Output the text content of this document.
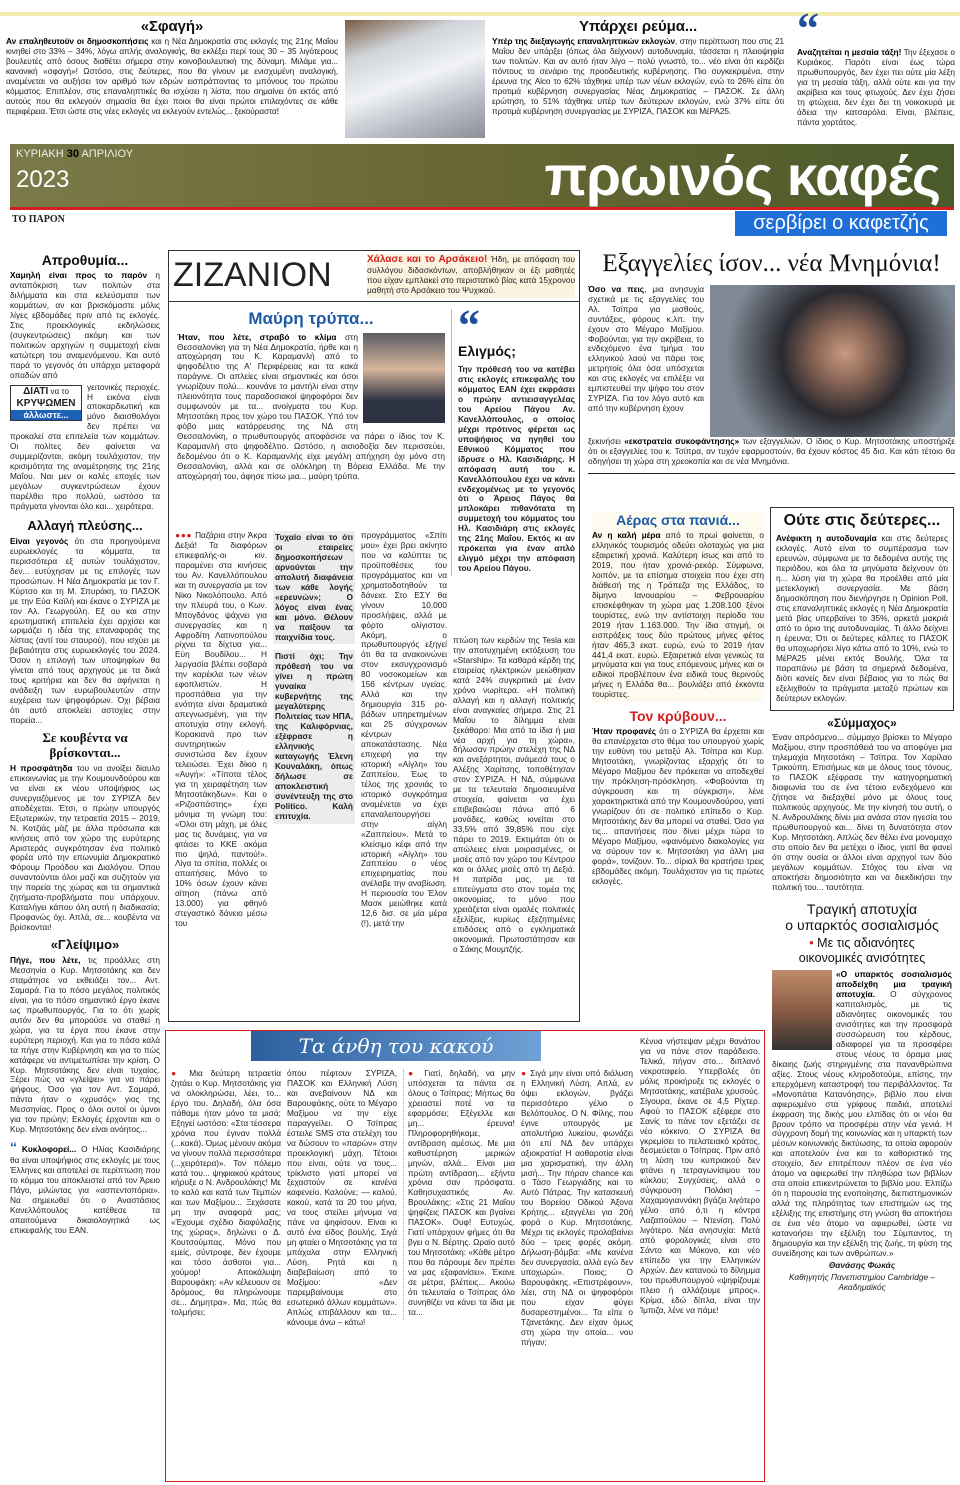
«Σφαγή»

Αν επαληθευτούν οι δημοσκοπήσεις και η Νέα Δημοκρατία στις εκλογές της 21ης Μαΐου κινηθεί στο 33% – 34%, λόγω απλής αναλογικής, θα εκλέξει περί τους 30 – 35 λιγότερους βουλευτές από όσους διαθέτει σήμερα στην κοινοβουλευτική της δύναμη. Μιλάμε για... κανονική «σφαγή»! Ωστόσο, στις δεύτερες, που θα γίνουν με ενισχυμένη αναλογική, αναμένεται να αυξήσει τον αριθμό των εδρών εισπράττοντας το μπόνους του πρώτου κόμματος. Επιπλέον, στις επαναληπτικές θα ισχύσει η λίστα, που σημαίνει ότι εκτός από αυτούς που θα εκλεγούν σημασία θα έχει ποιοι θα είναι πρώτοι επιλαχόντες σε κάθε περιφέρεια. Έτσι ώστε στις νέες εκλογές να εκλεγούν εντελώς... ξεκούραστα!

Υπάρχει ρεύμα...

Υπέρ της διεξαγωγής επαναληπτικών εκλογών, στην περίπτωση που στις 21 Μαΐου δεν υπάρξει (όπως όλα δείχνουν) αυτοδυναμία, τάσσεται η πλειοψηφία των πολιτών. Και αν αυτό ήταν λίγο – πολύ γνωστό, το... νέο είναι ότι κερδίζει πόντους το σενάριο της προοδευτικής κυβέρνησης. Πιο συγκεκριμένα, στην έρευνα της Alco το 62% τάχθηκε υπέρ των νέων εκλογών, ενώ το 26% είπε ότι προτιμά κυβέρνηση συνεργασίας Νέας Δημοκρατίας – ΠΑΣΟΚ. Σε άλλη ερώτηση, το 51% τάχθηκε υπέρ των δεύτερων εκλογών, ενώ 37% είπε ότι προτιμά κυβέρνηση συνεργασίας με ΣΥΡΙΖΑ, ΠΑΣΟΚ και ΜέΡΑ25.

“

Αναζητείται η μεσαία τάξη! Την έξεχασε ο Κυριάκος. Παρότι είναι έως τώρα πρωθυπουργός, δεν έχει πει ούτε μία λέξη για τη μεσαία τάξη, αλλά ούτε και για την ακρίβεια και τους φτωχούς. Δεν έχει ζήσει τη φτώχεια, δεν έχει δει τη νοικοκυρά με άδεια την κατσαρόλα. Είναι, βλέπεις, πάντα χορτάτος.

ΚΥΡΙΑΚΗ 30 ΑΠΡΙΛΙΟΥ
2023	πρωινός καφές
ΤΟ ΠΑΡΟΝ	σερβίρει ο καφετζής
Απροθυμία...

Χαμηλή είναι προς το παρόν η ανταπόκριση των πολιτών στα διλήμματα και στα κελεύσματα των κομμάτων, αν και βρισκόμαστε μόλις λίγες εβδομάδες πριν από τις εκλογές. Στις προεκλογικές εκδηλώσεις (συγκεντρώσεις) ακόμη και των πολιτικών αρχηγών η συμμετοχή είναι κατώτερη του αναμενόμενου. Και αυτό παρά το γεγονός ότι υπάρχει μεταφορά οπαδών από

ΔΙΑΤΙ να το
ΚΡΥΨΩΜΕΝ
άλλωστε...

γειτονικές περιοχές. Η εικόνα είναι αποκαρδιωτική και μόνο διαισθολόγοι δεν πρέπει να προκαλεί στα επιτελεία των κομμάτων. Οι πολίτες δεν φαίνεται να συμμερίζονται, ακόμη τουλάχιστον, την κρισιμότητα της αναμέτρησης της 21ης Μαΐου. Ναι μεν οι καλές εποχές των μεγάλων συγκεντρώσεων έχουν παρέλθει προ πολλού, ωστόσο τα πράγματα γίνονται όλο και... χειρότερα.

Αλλαγή πλεύσης...

Είναι γεγονός ότι στα προηγούμενα ευρωεκλογές τα κόμματα, τα περισσότερα εξ αυτών τουλάχιστον, δεν... ευτύχησαν με τις επιλογές των προσώπων. Η Νέα Δημοκρατία με τον Γ. Κύρτσο και τη Μ. Σπυράκη, το ΠΑΣΟΚ με την Εύα Καϊλή και έκανε ο ΣΥΡΙΖΑ με τον Αλ. Γεωργούλη. Εξ ου και στην ερωτηματική επιτελεία έχει αρχίσει και ωριμάζει η ιδέα της επαναφοράς της λίστας (αντί του σταυρού), που ισχύει με βεβαιότητα στις ευρωεκλογές του 2024. Όσον η επιλογή των υποψηφίων θα γίνεται από τους αρχηγούς με τα δικά τους κριτήρια και δεν θα αφήνεται η ανάδειξη των ευρωβουλευτών στην ευχέρεια των ψηφοφόρων. Όχι βέβαια ότι αυτό αποκλείει αστοχίες στην πορεία...

Σε κουβέντα να βρίσκονται...

Η προσφάτηδα του να ανοίξει δίαυλο επικοινωνίας με την Κουμουνδούρου και να είναι εκ νέου υποψήφιος ως συνεργαζόμενος με τον ΣΥΡΙΖΑ δεν αποδέχεται. Έτσι, ο πρώην υπουργός Εξωτερικών, την τετραετία 2015 – 2019, Ν. Κοτζιάς μάζ με άλλα πρόσωπα και κινήσεις από τον χώρο της ευρύτερης Αριστεράς συγκρότησαν ένα πολιτικό φορέα υπό την επωνυμία Δημοκρατικό Φόρουμ Προόδου και Διαλόγου. Όπου συναντούνται όλοι μαζί και συζητούν για την πορεία της χώρας και τα σημαντικά ζητήματα-προβλήματα που υπάρχουν. Καταλήγει κάπου όλη αυτή η διαδικασία; Προφανώς όχι. Απλά, σε... κουβέντα να βρίσκονται!

«Γλείψιμο»

Πήγε, που λέτε, τις προάλλες στη Μεσσηνία ο Κυρ. Μητσοτάκης και δεν σταμάτησε να εκθειάζει τον... Αντ. Σαμαρά. Για το πόσο μεγάλος πολιτικός είναι, για το πόσο σημαντικό έργο έκανε ως πρωθυπουργός. Για το ότι χωρίς αυτόν δεν θα μπορούσε να σταθεί η χώρα, για τα έργα που έκανε στην ευρύτερη περιοχή. Και για το πόσο καλά τα πήγε στην Κυβέρνηση και για το πώς κατάφερε να αντιμετωπίσει την κρίση. Ο Κυρ. Μητσοτάκης δεν είναι τυχαίος. Ξέρει πώς να «γλείψει» για να πάρει ψήφους. Όσο για τον Αντ. Σαμαρά, πάντα ήταν ο «χρυσός» γιος της Μεσσηνίας. Προς ο όλοι αυτοί οι ύμνοι για τον πρώην; Εκλογές έρχονται και ο Κυρ. Μητσοτάκης δεν είναι ανόητος...

“ Κυκλοφορεί... Ο Ηλίας Κασιδιάρης θα είναι υποψήφιος στις εκλογές με τους Έλληνες και αποτελεί σε περίπτωση που το κόμμα του αποκλειστεί από τον Άρειο Πάγο, μιλώντας για «ασπεντοπόρια». Να σημειωθεί ότι ο Αναστάσιος Κανελλόπουλος κατέθεσε τα απαιτούμενα δικαιολογητικά ως επικεφαλής του ΕΑΝ.

ΖΙΖΑΝΙΟΝ	Χάλασε και το Αρσάκειο! Ήδη, με απόφαση του συλλόγου διδασκόντων, αποβλήθηκαν οι έξι μαθητές που είχαν εμπλακεί στο περιστατικό βίας κατά 15χρονου μαθητή στο Αρσάκειο του Ψυχικού.

Μαύρη τρύπα...

Ήταν, που λέτε, στραβό το κλίμα στη Θεσσαλονίκη για τη Νέα Δημοκρατία, ήρθε και η αποχώρηση του Κ. Καραμανλή από το ψηφοδέλτιο της Α' Περιφέρειας και τα κακά παράγινε. Οι απλείες είναι σημαντικές και όσοι γνωρίζουν πολύ... κουνάνε το μαντήλι είναι στην πλειονότητα τους παραδοσιακοί ψηφοφόροι δεν συμφωνούν με τα... ανοίγματα του Κυρ. Μητσοτάκη προς τον χώρο του ΠΑΣΟΚ. Υπό τον φόβο μιας κατάρρευσης της ΝΔ στη Θεσσαλονίκη, ο πρωθυπουργός αποφάσισε να πάρει ο ίδιος τον Κ. Καραμανλή στο ψηφοδέλτιο. Ωστόσο, η αισιοδοξία δεν περισσεύει, δεδομένου ότι ο Κ. Καραμανλής είχε μεγάλη απήχηση όχι μόνο στη Θεσσαλονίκη, αλλά και σε ολόκληρη τη Βόρεια Ελλάδα. Με την αποχώρησή του, άφησε πίσω μια... μαύρη τρύπα.

“
Ελιγμός;

Την πρόθεσή του να κατέβει στις εκλογές επικεφαλής του κόμματος ΕΑΝ έχει εκφράσει ο πρώην αντιεισαγγελέας του Αρείου Πάγου Αν. Κανελλόπουλος, ο οποίος μέχρι πρότινος φέρεται ως υποψήφιος να ηγηθεί του Εθνικού Κόμματος που ίδρυσε ο Ηλ. Κασιδιάρης. Η απόφαση αυτή του κ. Κανελλόπουλου έχει να κάνει ενδεχομένως με το γεγονός ότι ο Άρειος Πάγος θα μπλοκάρει πιθανότατα τη συμμετοχή του κόμματος του Ηλ. Κασιδιάρη στις εκλογές της 21ης Μαΐου. Εκτός κι αν πρόκειται για έναν απλό ελιγμό μέχρι την απόφαση του Αρείου Πάγου.

●●● Παζάρια στην Άκρα Δεξιά! Τα διαφόρων επικεφαλής-οι κιν. παραμένει στα κινήσεις του Αν. Κανελλόπουλου και τη συνεργασία με τον Νίκο Νικολόπουλο. Από την πλευρά του, ο Κων. Μπογδάνος ψάχνει για συνεργασίες και η Αφροδίτη Λατινοπούλου ρίχνει τα δίχτυα για... Εύη Βουδίλου... Η λεργασία βλέπει σοβαρά την καρέκλα των νέων εφοπλιστών. Η προσπάθεια για την ενότητα είναι δραματικά απεγνωσμένη, για την αποτυχία στην εκλογή. Κορακιανά προ των συντηρητικών συνιστώσα δεν έχουν τελειώσει. Έχει δίκιο η «Αυγή»: «Τίποτα τέλος για τη χειραφέτηση των Μητσοτάκηδων». Και ο «Ριζοσπάστης» έχει μόνιμα τη γνώμη του: «Όλοι στη μάχη, με όλες μας τις δυνάμεις, για να φτάσει το ΚΚΕ ακόμα πιο ψηλά, παντού!». Λίγα τα σπίτια, πολλές οι απαιτήσεις. Μόνο το 10% όσων έχουν κάνει αίτηση (πάνω από 13.000) για φθηνό στεγαστικό δάνειο μέσω του

Τυχαίο είναι το ότι οι εταιρείες δημοσκοπήσεων αρνούνται την απολυτή διαφάνεια των κάθε λογής «ερευνών»; Ο λόγος είναι ένας και μόνο. Θέλουν να παίξουν τα παιχνίδια τους.

Πιστί όχι; Την πρόθεσή του να γίνει η πρώτη γυναίκα κυβερνήτης της μεγαλύτερης Πολιτείας των ΗΠΑ, της Καλιφόρνιας, εξέφρασε η ελληνικής καταγωγής Έλενη Κουναλάκη, όπως δήλωσε σε αποκλειστική συνέντευξη της στο Politico. Καλή επιτυχία.

προγράμματος «Σπίτι μου» έχει βρει ακίνητο που να καλύπτει τις προϋποθέσεις του προγράμματος και να χρηματοδοτηθούν τα δάνεια. Στο ΕΣΥ θα γίνουν 10.000 προσλήψεις, αλλά με φόρτο ολίγιστον. Ακόμη, ο πρωθυπουργός εξηγεί ότι θα τα ανακοινώνει στον εκσυγχρονισμό 80 νοσοκομείων και 156 κέντρων υγείας. Αλλά και την δημιουργία 315 ρο-βάδων υπηρετημένων και 25 σύγχρονων κέντρων αποκατάστασης. Νέα επιχειρή για την ιστορική «Αίγλη» του Ζαππείου. Έως το τέλος της χρονιάς το ιστορικό συγκρότημα αναμένεται να έχει επαναλειτουργήσει στην αίγλη «Ζαππείου». Μετά το κλείσιμο κέφι από την ιστορική «Αίγλη» του Ζαππείου ο νέος επιχειρηματίας που ανέλαβε την αναβίωση. Η περιουσία του Έλον Μασκ μειώθηκε κατά 12,6 δισ. σε μία μέρα (!), μετά την

πτώση των κερδών της Tesla και την αποτυχημένη εκτόξευση του «Starship». Τα καθαρά κέρδη της εταιρείας ηλεκτρικών μειώθηκαν κατά 24% συγκριτικά με έναν χρόνο νωρίτερα. «Η πολιτική αλλαγή και η αλλαγή πολιτικής είναι αναγκαίες σήμερα. Στις 21 Μαΐου το δίλημμα είναι ξεκάθαρο: Μια από τα ίδια ή μια νέα αρχή για τη χώρα», δήλωσαν πρώην στελέχη της ΝΔ και ανεξάρτητοι, ανάμεσά τους ο Αλέξης Χαρίτσης, τοποθέτησαν στον ΣΥΡΙΖΑ. Η ΝΔ, σύμφωνα με τα τελευταία δημοσιευμένα στοιχεία, φαίνεται να έχει επιβεβαιώσει πάνω από 6 μονάδες, καθώς κινείται στο 33,5% από 39,85% που είχε πάρει το 2019. Εκτιμάται ότι οι απώλειες είναι μοιρασμένες, οι μισές από τον χώρο του Κέντρου και οι άλλες μισές από τη Δεξιά. Η πατρίδα μας, με τα επιτεύγματα στο στον τομέα της οικονομίας, το μόνο που χρειάζεται είναι ομαλές πολιτικές εξελίξεις, κυρίως εξεζητημένες επιδόσεις από ο εγκληματικά οικονομικά. Πρωτοστάτησαν και ο Σάκης Μουμτζής.

Εξαγγελίες ίσον... νέα Μνημόνια!

Όσο να πεις, μια ανησυχία σχετικά με τις εξαγγελίες του Αλ. Τσίπρα για μισθούς, συντάξεις, φόρους κ.λπ. την έχουν στο Μέγαρο Μαξίμου. Φοβούνται, για την ακρίβεια, το ενδεχόμενο ένα τμήμα του ελληνικού λαού να πάρει τοις μετρητοίς όλα όσα υπόσχεται και στις εκλογές να επιλέξει να εμπιστευθεί την ψήφο του στον ΣΥΡΙΖΑ. Για τον λόγο αυτό και από την κυβέρνηση έχουν

ξεκινήσει «εκστρατεία συκοφάντησης» των εξαγγελιών. Ο ίδιος ο Κυρ. Μητσοτάκης υποστήριξε ότι οι εξαγγελίες του κ. Τσίπρα, αν τυχόν εφαρμοστούν, θα έχουν κόστος 45 δισ. Και κάτι τέτοιο θα οδηγήσει τη χώρα στη χρεοκοπία και σε νέα Μνημόνια.

Αέρας στα πανιά...

Αν η καλή μέρα από το πρωί φαίνεται, ο ελληνικός τουρισμός οδεύει ολοταχώς για μια εξαιρετική χρονιά. Καλύτερη ίσως και από το 2019, που ήταν χρονιά-ρεκόρ. Σύμφωνα, λοιπόν, με τα επίσημα στοιχεία που έχει στη διάθεσή της η Τράπεζα της Ελλάδος, το δίμηνο Ιανουαρίου – Φεβρουαρίου επισκέφθηκαν τη χώρα μας 1.208.100 ξένοι τουρίστες, ενώ την αντίστοιχη περίοδο του 2019 ήταν 1.163.000. Την ίδια στιγμή, οι εισπράξεις τους δύο πρώτους μήνες φέτος ήταν 465,3 εκατ. ευρώ, ενώ το 2019 ήταν 441,4 εκατ. ευρώ. Εξαιρετικά είναι γενικώς τα μηνύματα και για τους επόμενους μήνες και οι ειδικοί προβλέπουν ένα ειδικά τους θερινούς μήνες η Ελλάδα θα... βουλιάξει από έκκοντα τουρίστες.

Τον κρύβουν...

Ήταν προφανές ότι ο ΣΥΡΙΖΑ θα έρχεται και θα επανέρχεται στο θέμα του υπουργού χωρίς την ευθύνη του μεταξύ Αλ. Τσίπρα και Κυρ. Μητσοτάκη, γνωρίζοντας εξαρχής ότι το Μέγαρο Μαξίμου δεν πρόκειται να αποδεχθεί την πρόκληση-πρόσκληση. «Φοβούνται τη σύγκρουση και τη σύγκριση», λένε χαρακτηριστικά από την Κουμουνδούρου, γιατί γνωρίζουν ότι σε πολιτικό επίπεδο ο Κυρ. Μητσοτάκης δεν θα μπορεί να σταθεί. Όσο για τις... απαντήσεις που δίνει μέχρι τώρα το Μέγαρο Μαξίμου, «φαινόμενο διακολογίες για να σύρουν τον κ. Μητσοτάκη για άλλη μια φορά», τονίζουν. Το... σίριαλ θα κρατήσει τρεις εβδομάδες ακόμη. Τουλάχιστον για τις πρώτες εκλογές.

Ούτε στις δεύτερες...

Ανέφικτη η αυτοδυναμία και στις δεύτερες εκλογές. Αυτό είναι το συμπέρασμα των ερευνών, σύμφωνα με τα δεδομένα αυτής της περιόδου, και όλα τα μηνύματα δείχνουν ότι η... λύση για τη χώρα θα προέλθει από μία μετεκλογική συνεργασία. Με βάση δημοσκόπηση που διενήργησε η Opinion Poll, στις επαναληπτικές εκλογές η Νέα Δημοκρατία μετά βίας υπερβαίνει το 35%, αρκετά μακριά από το όριο της αυτοδυναμίας. Τι άλλο δείχνει η έρευνα; Ότι οι δεύτερες κάλπες το ΠΑΣΟΚ θα υποχωρήσει λίγο κάτω από το 10%, ενώ το ΜέΡΑ25 μένει εκτός Βουλής. Όλα τα παραπάνω με βάση τα σημερινά δεδομένα, διότι κανείς δεν είναι βέβαιος για το πώς θα εξελιχθούν τα πράγματα μεταξύ πρώτων και δεύτερων εκλογών.

«Σύμμαχος»

Έναν απρόσμενο... σύμμαχο βρίσκει το Μέγαρο Μαξίμου, στην προσπάθειά του να αποφύγει μια τηλεμαχία Μητσοτάκη – Τσίπρα. Τον Χαρίλαο Τρικούπη. Επισήμως και με όλους τους τόνους, το ΠΑΣΟΚ εξέφρασε την κατηγορηματική διαφωνία του σε ένα τέτοιο ενδεχόμενο και ζήτησε να διεξαχθεί μόνο με όλους τους πολιτικούς αρχηγούς. Με την κίνησή του αυτή, ο Ν. Ανδρουλάκης δίνει μια ανάσα στον ηγεσία του πρωθυπουργού και... δίνει τη δυνατότητα στον Κυρ. Μητσοτάκη. Απλώς δεν θέλει ένα μονομαχο στο οποίο δεν θα μετέχει ο ίδιος, γιατί θα φανεί ότι στην ουσία οι άλλοι είναι αρχηγοί των δύο μεγάλων κομμάτων. Στόχος του είναι να αποκτήσει δημοσιότητα και να διεκδικήσει την πολιτική του... ταυτότητα.

Τραγική αποτυχία
ο υπαρκτός σοσιαλισμός
• Με τις αδιανόητες
οικονομικές ανισότητες

«Ο υπαρκτός σοσιαλισμός αποδείχθη μια τραγική αποτυχία. Ο σύγχρονος καπιταλισμός, με τις αδιανόητες οικονομικές του ανισότητες και την προσφορά συσσώρευση του κέρδους, αδιαφορεί για τα προσφέρει στους νέους το όραμα μιας δίκαιης ζωής στηριγμένης στα πανανθρώπινα αξίες. Στους νέους κληροδοτούμε, επίσης, την επερχόμενη καταστροφή του περιβάλλοντος. Τα «Μονοπάτια Κατανόησης», βιβλίο που είναι αφιερωμένο στα γρίφους παιδιά, αποτελεί έκφραση της δικής μου ελπίδας ότι οι νέοι θα βρουν τρόπο να προσφέρει στην νέα γενιά. Η σύγχρονη δομή της κοινωνίας και η υπαρκτή των μέσων κοινωνικής δικτύωσης, τα οποία αφορούν και αποτελούν ένα και το καθοριστικό της στοιχείο, δεν επιτρέπουν πλέον σε ένα νέο άτομο να αφιερωθεί την πληθώρα των βιβλίων στα οποία επικεντρώνεται το βιβλίο μου. Ελπίζω ότι η παρουσία της ενοποίησης, διεπιστημονικών αλλά της πληρότητας των επιστημών ως της εξέλιξης της επιστήμης στη γνώση θα αποκτήσει σε ένα νέο άτομο να αφιερωθεί, ώστε να κατανοήσει την εξέλιξη του Σύμπαντος, τη δημιουργία και την εξέλιξη της ζωής, τη φύση της συνείδησης και των ανθρώπων.»

Θανάσης Φωκάς

Καθηγητής Πανεπιστημίου Cambridge – Ακαδημαϊκός

Τα άνθη του κακού

● Μια δεύτερη τετραετία ζητάει ο Κυρ. Μητσοτάκης για να ολοκληρώσει, λέει, το... έργο του. Δηλαδή, όλα όσα πάθαμε ήταν μόνο τα μισά; Εξηγεί ωστόσο: «Στα τέσσερα χρόνια που έγιναν πολλά (...κακά). Όμως μένουν ακόμα να γίνουν πολλά περισσότερα (...χειρότερα)». Τον πόλεμο κατά του... ψηφιακού κράτους κήρυξε ο Ν. Ανδρουλάκης! Με το καλό και κατά των Τεμπών και των Μαξίμου... Ξεχάσατε μη την αναφορά μας; «Έχουμε σχέδιο διαφύλαξης της χώρας», δηλώνει ο Δ. Κουτσούμπας. Μόνο που εμείς, σύντροφε, δεν έχουμε και τόσο άσθοτοι για... χούμορ! Αποκάλυψη Βαρουφάκη: «Αν κέλευουν σε δρόμους, θα πληρώνουμε σε... Δημητρα». Μα, πώς θα τολμήσει;

όπου πέφτουν ΣΥΡΙΖΑ, ΠΑΣΟΚ και Ελληνική Λύση και ανεβαίνουν ΝΔ και Βαρουφάκης, ούτε το Μέγαρο Μαξίμου να την είχε παραγγείλει. Ο Τσίπρας έστειλε SMS στα στελέχη του να δώσουν το «παρών» στην προεκλογική μάχη. Τέτοιοι που είναι, ούτε να τους... τρίκλιστο γιατί μπορεί να ξεχαστούν σε κανένα καφενείο. Καλούνε; — καλού, κακού, κατά τα 20 του μήνα, να τους στείλει μήνυμα να πάνε να ψηφίσουν. Είναι κι αυτό ένα είδος βουλής. Σιγά μη φταίει ο Μητσοτάκης για τα μπάχαλα στην Ελληνική Λύση. Ρητά και η διαβεβαίωση από το Μαξίμου: «Δεν παρεμβαίνουμε στο εσωτερικό άλλων κομμάτων». Απλώς επιβάλλουν και τα... κάνουμε άνω – κάτω!

● Γιατί, δηλαδή, να μην υπόσχεται τα πάντα σε όλους ο Τσίπρας; Μήπως θα χρειαστεί ποτέ να τα εφαρμόσει; Εξέγελλε και μη... έρευνα! Πληροφορηθήκαμε, αντίδραση αμέσως. Με μια καθυστέρηση μερικών μηνών, αλλά... Είναι μια πρώτη αντίδραση... εξήντα χρόνια σαν πρόσφατα. Καθησυχαστικός Αν. Βρουλάκης: «Στις 21 Μαΐου ψηφίζεις ΠΑΣΟΚ και βγαίνει ΠΑΣΟΚ». Ουφ! Ευτυχώς. Γιατί υπάρχουν φήμες ότι θα βγει ο Ν. Βέρτης. Ωραίο αυτό του Μητσοτάκη: «Κάθε μέτρο που θα πάρουμε δεν πρέπει να μας εξαφανίσει». Έκανε σε μέτρα, βλέπεις... Ακούω ότι τελευταία ο Τσίπρας όλο συνηθίζει να κάνει τα ίδια με τα...

● Σιγά μην είναι υπό διάλυση η Ελληνική Λύση. Απλά, εν όψει εκλογών, βγάζει περισσότερο γέλιο ο Βελόπουλος. Ο Ν. Φίλης, που έγινε υπουργός με απολυτήριο λυκείου, φωνάζει ότι επί ΝΔ δεν υπάρχει αξιοκρατία! Η αοθαροτία είναι μια χαρισματική, την άλλη μισή... Την πήραν chance και ο Τάσο Γεωργιάδης και το Αυτό Πάτρας. Την κατασκευή του Βορείου Οδικού Άξονα Κρήτης... εξαγγέλει για 20ή φορά ο Κυρ. Μητσοτάκης. Μέχρι τις εκλογές προλαβαίνει δύο – τρεις φορές ακόμη. Δήλωση-βόμβα: «Με κανένα δεν συνεργασία, αλλά εγώ δεν υποχωρώ». Ποιος; Ο Βαρουφάκης. «Επιστρέφουν», λέει, στη ΝΔ οι ψηφοφόροι που είχαν φύγει δυσαρεστημένοι... Τα είπε ο Τζανετάκης. Δεν είχαν όμως στη χώρα την οποία... νου πήγαν;

Κένυα νήστεψαν μέχρι θανάτου για να πάνε στον παράδεισο. Τελικά, πήγαν στο... διπλανό νεκροταφείο. Υπερβολές ότι μόλις προκήρυξε τις εκλογές ο Μητσοτάκης, κατέβαλε χρυσούς. Σίγουρα, έκανε σε 4,5 Ρίχτερ. Αφού το ΠΑΣΟΚ εξέφερε στο Σανίς το πάνε τον εξετάζει σε νέο κόκκινο. Ο ΣΥΡΙΖΑ θα γκρεμίσει το πελατειακό κράτος, δεσμεύεται ο Τσίπρας. Πριν από τη λύση του κυπριακού δεν φτάνει η τετραγωνίσιμου του κύκλου; Συγχύσεις, αλλά ο σύγκρουση Πολάκη – Χαχαμογιαννάκη βγάζει λιγότερο γέλιο από ό,τι η κόντρα Λαζαπούλου – Ντενίση. Πολύ λιγότερο. Νέα ανησυχία: Μετά από φορολογικές είναι στο Σάντο και Μύκονο, και νέο επίπεδο για την Ελληνικών Αρχών. Δεν κατανοώ το δίλημμα του πρωθυπουργού «ψηφίζουμε πλειο ή αλλάζουμε μπρος». Κρίμα, εδώ δίπλα, είναι την Ίμπιζα, λένε να πάμε!
